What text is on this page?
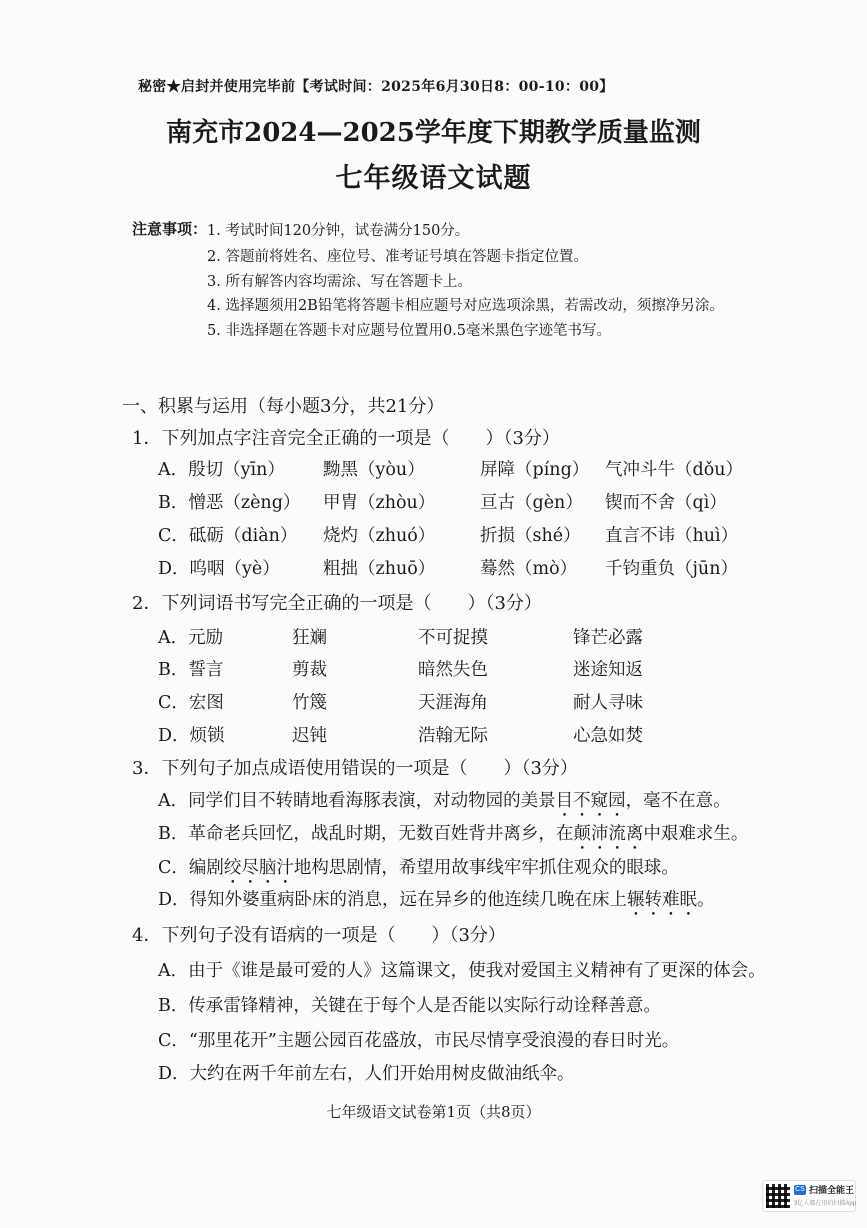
秘密★启封并使用完毕前【考试时间：2025年6月30日8：00-10：00】
南充市2024—2025学年度下期教学质量监测
七年级语文试题
注意事项： 1. 考试时间120分钟，试卷满分150分。
2. 答题前将姓名、座位号、准考证号填在答题卡指定位置。
3. 所有解答内容均需涂、写在答题卡上。
4. 选择题须用2B铅笔将答题卡相应题号对应选项涂黑，若需改动，须擦净另涂。
5. 非选择题在答题卡对应题号位置用0.5毫米黑色字迹笔书写。
一、积累与运用（每小题3分，共21分）
1．下列加点字注音完全正确的一项是（　　）（3分）
A．殷切（yīn） 黝黑（yòu）	屏障（píng） 气冲斗牛（dǒu）
B．憎恶（zèng） 甲胄（zhòu）	亘古（gèn） 锲而不舍（qì）
C．砥砺（diàn） 烧灼（zhuó）	折损（shé） 直言不讳（huì）
D．呜咽（yè） 粗拙（zhuō）	蓦然（mò） 千钧重负（jūn）
2．下列词语书写完全正确的一项是（　　）（3分）
A．元励	狂斓	不可捉摸	锋芒必露
B．誓言	剪裁	暗然失色	迷途知返
C．宏图	竹篾	天涯海角	耐人寻味
D．烦锁	迟钝	浩翰无际	心急如焚
3．下列句子加点成语使用错误的一项是（　　）（3分）
A．同学们目不转睛地看海豚表演，对动物园的美景目不窥园，毫不在意。
B．革命老兵回忆，战乱时期，无数百姓背井离乡，在颠沛流离中艰难求生。
C．编剧绞尽脑汁地构思剧情，希望用故事线牢牢抓住观众的眼球。
D．得知外婆重病卧床的消息，远在异乡的他连续几晚在床上辗转难眠。
4．下列句子没有语病的一项是（　　）（3分）
A．由于《谁是最可爱的人》这篇课文，使我对爱国主义精神有了更深的体会。
B．传承雷锋精神，关键在于每个人是否能以实际行动诠释善意。
C．“那里花开”主题公园百花盛放，市民尽情享受浪漫的春日时光。
D．大约在两千年前左右，人们开始用树皮做油纸伞。
七年级语文试卷第1页（共8页）
CS 扫描全能王
3亿人都在用的扫描App
